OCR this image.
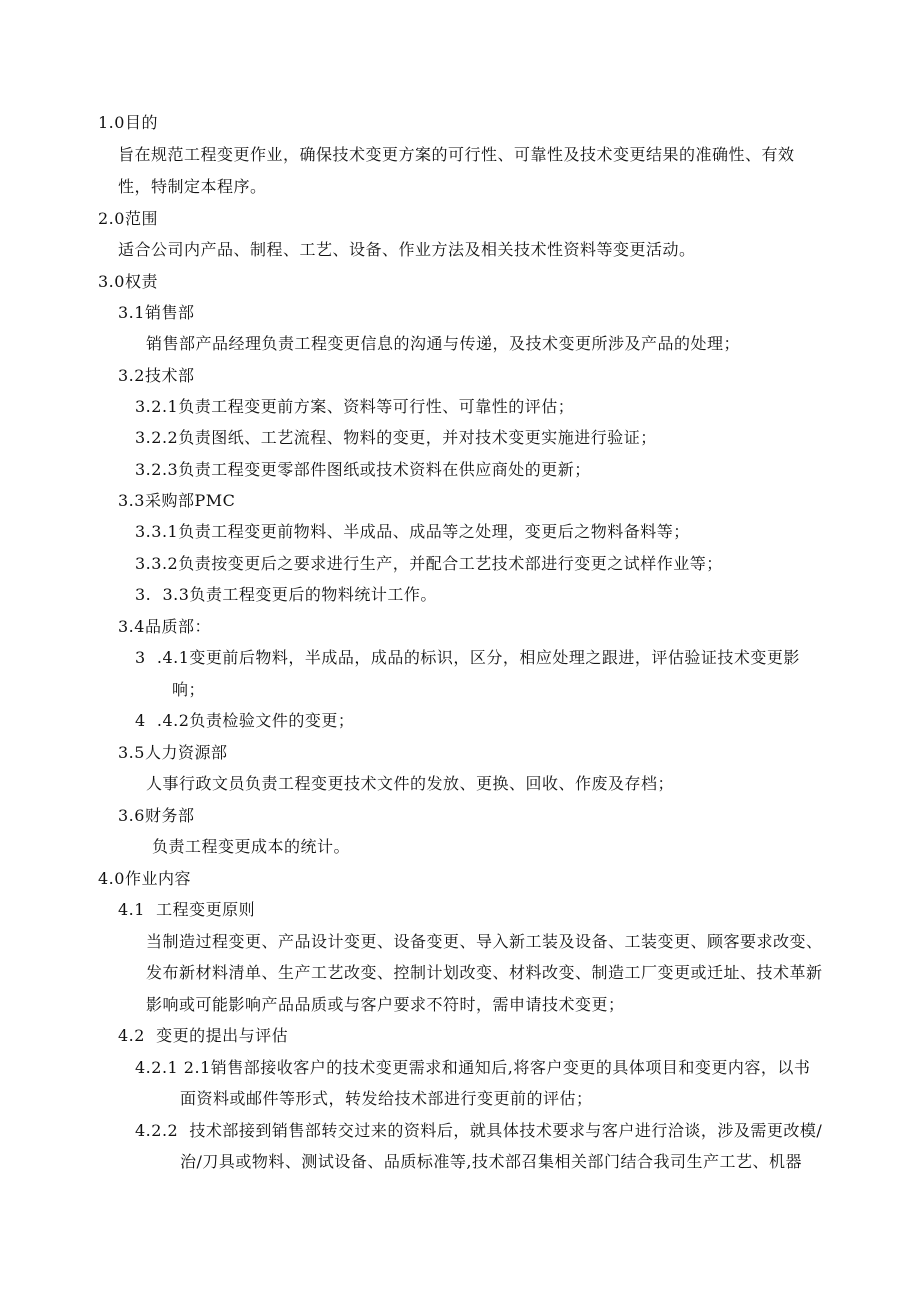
1.0目的
旨在规范工程变更作业，确保技术变更方案的可行性、可靠性及技术变更结果的准确性、有效
性，特制定本程序。
2.0范围
适合公司内产品、制程、工艺、设备、作业方法及相关技术性资料等变更活动。
3.0权责
3.1销售部
销售部产品经理负责工程变更信息的沟通与传递，及技术变更所涉及产品的处理；
3.2技术部
3.2.1负责工程变更前方案、资料等可行性、可靠性的评估；
3.2.2负责图纸、工艺流程、物料的变更，并对技术变更实施进行验证；
3.2.3负责工程变更零部件图纸或技术资料在供应商处的更新；
3.3采购部PMC
3.3.1负责工程变更前物料、半成品、成品等之处理，变更后之物料备料等；
3.3.2负责按变更后之要求进行生产，并配合工艺技术部进行变更之试样作业等；
3.  3.3负责工程变更后的物料统计工作。
3.4品质部：
3  .4.1变更前后物料，半成品，成品的标识，区分，相应处理之跟进，评估验证技术变更影
响；
4  .4.2负责检验文件的变更；
3.5人力资源部
人事行政文员负责工程变更技术文件的发放、更换、回收、作废及存档；
3.6财务部
负责工程变更成本的统计。
4.0作业内容
4.1  工程变更原则
当制造过程变更、产品设计变更、设备变更、导入新工装及设备、工装变更、顾客要求改变、
发布新材料清单、生产工艺改变、控制计划改变、材料改变、制造工厂变更或迁址、技术革新
影响或可能影响产品品质或与客户要求不符时，需申请技术变更；
4.2  变更的提出与评估
4.2.1 2.1销售部接收客户的技术变更需求和通知后,将客户变更的具体项目和变更内容，以书
面资料或邮件等形式，转发给技术部进行变更前的评估；
4.2.2  技术部接到销售部转交过来的资料后，就具体技术要求与客户进行洽谈，涉及需更改模/
治/刀具或物料、测试设备、品质标准等,技术部召集相关部门结合我司生产工艺、机器
